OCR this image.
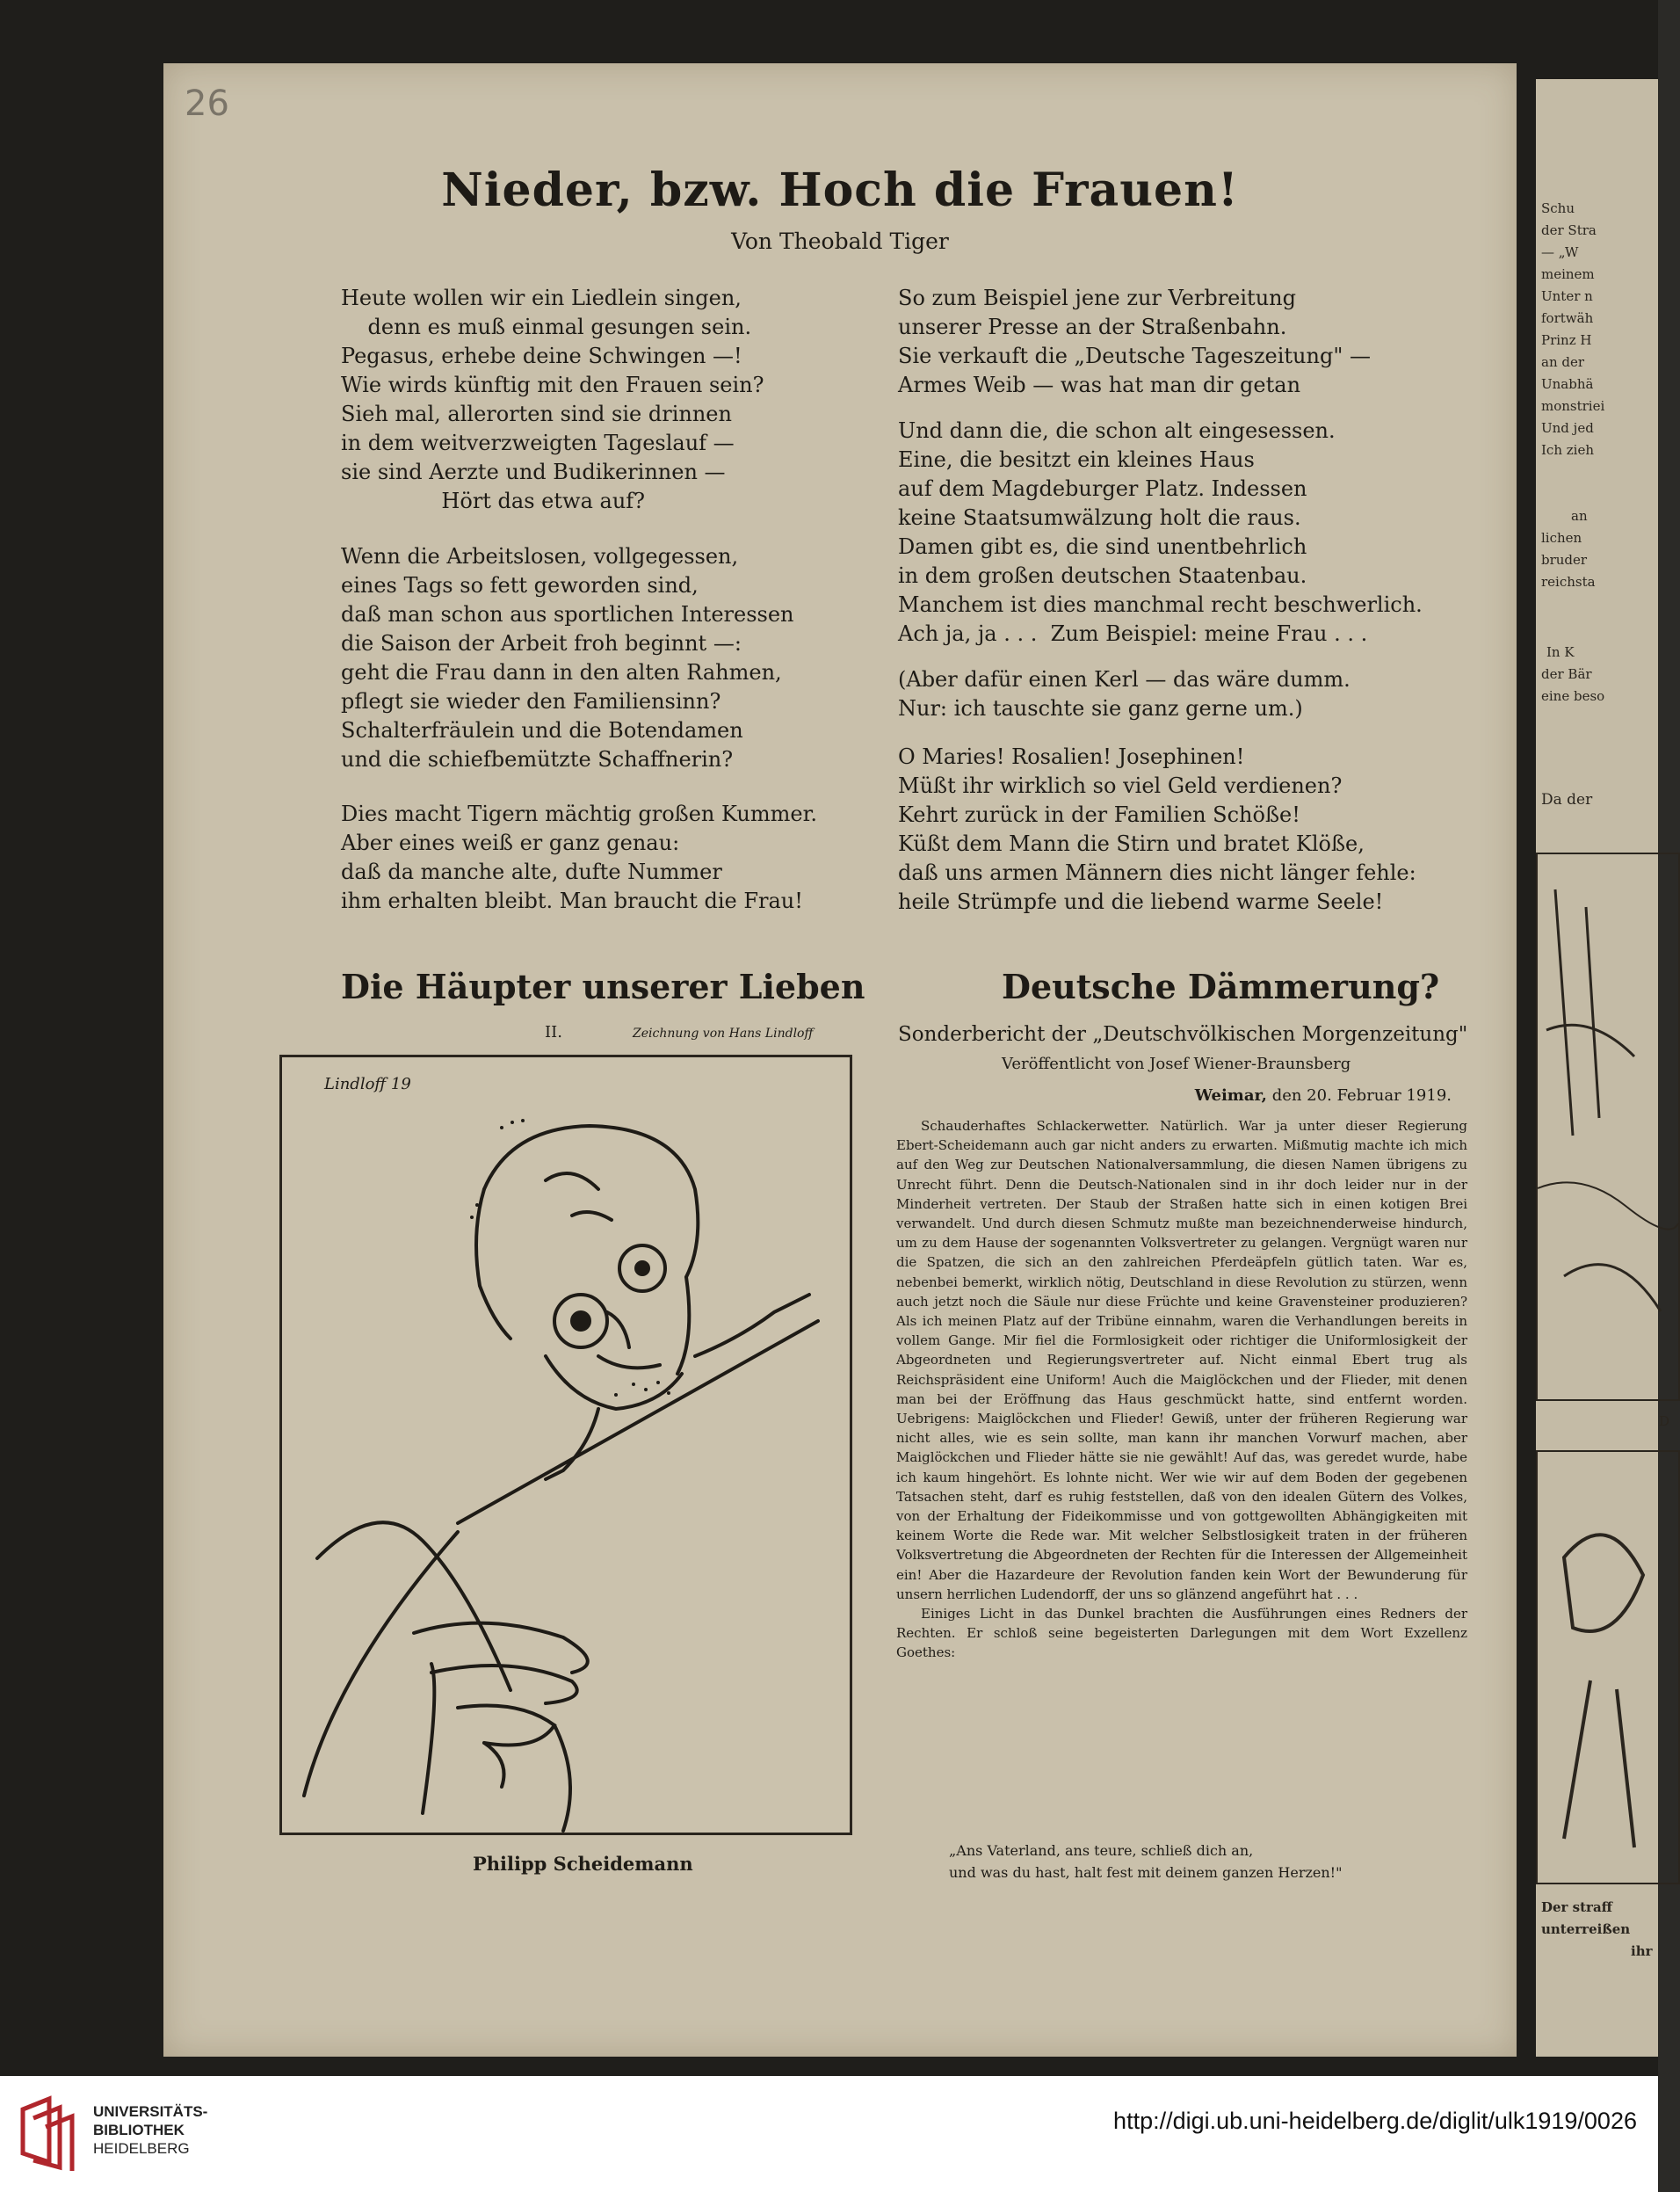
Schu
der Stra
— „W
meinem
Unter n
fortwäh
Prinz H
an der
Unabhä
monstriei
Und jed
Ich zieh
an
lichen
bruder
reichsta
In K
der Bär
eine beso
Da der
D
Der straff
unterreißen
ihr
26
Nieder, bzw. Hoch die Frauen!
Von Theobald Tiger
Heute wollen wir ein Liedlein singen,
denn es muß einmal gesungen sein.
Pegasus, erhebe deine Schwingen —!
Wie wirds künftig mit den Frauen sein?
Sieh mal, allerorten sind sie drinnen
in dem weitverzweigten Tageslauf —
sie sind Aerzte und Budikerinnen —
Hört das etwa auf?
Wenn die Arbeitslosen, vollgegessen,
eines Tags so fett geworden sind,
daß man schon aus sportlichen Interessen
die Saison der Arbeit froh beginnt —:
geht die Frau dann in den alten Rahmen,
pflegt sie wieder den Familiensinn?
Schalterfräulein und die Botendamen
und die schiefbemützte Schaffnerin?
Dies macht Tigern mächtig großen Kummer.
Aber eines weiß er ganz genau:
daß da manche alte, dufte Nummer
ihm erhalten bleibt. Man braucht die Frau!
So zum Beispiel jene zur Verbreitung
unserer Presse an der Straßenbahn.
Sie verkauft die „Deutsche Tageszeitung" —
Armes Weib — was hat man dir getan
Und dann die, die schon alt eingesessen.
Eine, die besitzt ein kleines Haus
auf dem Magdeburger Platz. Indessen
keine Staatsumwälzung holt die raus.
Damen gibt es, die sind unentbehrlich
in dem großen deutschen Staatenbau.
Manchem ist dies manchmal recht beschwerlich.
Ach ja, ja . . .  Zum Beispiel: meine Frau . . .
(Aber dafür einen Kerl — das wäre dumm.
Nur: ich tauschte sie ganz gerne um.)
O Maries! Rosalien! Josephinen!
Müßt ihr wirklich so viel Geld verdienen?
Kehrt zurück in der Familien Schöße!
Küßt dem Mann die Stirn und bratet Klöße,
daß uns armen Männern dies nicht länger fehle:
heile Strümpfe und die liebend warme Seele!
Die Häupter unserer Lieben
II.	Zeichnung von Hans Lindloff
Lindloff 19
Philipp Scheidemann
Deutsche Dämmerung?
Sonderbericht der „Deutschvölkischen Morgenzeitung"
Veröffentlicht von Josef Wiener-Braunsberg
Weimar, den 20. Februar 1919.

Schauderhaftes Schlackerwetter. Natürlich. War ja unter dieser Regierung Ebert-Scheidemann auch gar nicht anders zu erwarten. Mißmutig machte ich mich auf den Weg zur Deutschen Nationalversammlung, die diesen Namen übrigens zu Unrecht führt. Denn die Deutsch-Nationalen sind in ihr doch leider nur in der Minderheit vertreten. Der Staub der Straßen hatte sich in einen kotigen Brei verwandelt. Und durch diesen Schmutz mußte man bezeichnenderweise hindurch, um zu dem Hause der sogenannten Volksvertreter zu gelangen. Vergnügt waren nur die Spatzen, die sich an den zahlreichen Pferdeäpfeln gütlich taten. War es, nebenbei bemerkt, wirklich nötig, Deutschland in diese Revolution zu stürzen, wenn auch jetzt noch die Säule nur diese Früchte und keine Gravensteiner produzieren? Als ich meinen Platz auf der Tribüne einnahm, waren die Verhandlungen bereits in vollem Gange. Mir fiel die Formlosigkeit oder richtiger die Uniformlosigkeit der Abgeordneten und Regierungsvertreter auf. Nicht einmal Ebert trug als Reichspräsident eine Uniform! Auch die Maiglöckchen und der Flieder, mit denen man bei der Eröffnung das Haus geschmückt hatte, sind entfernt worden. Uebrigens: Maiglöckchen und Flieder! Gewiß, unter der früheren Regierung war nicht alles, wie es sein sollte, man kann ihr manchen Vorwurf machen, aber Maiglöckchen und Flieder hätte sie nie gewählt! Auf das, was geredet wurde, habe ich kaum hingehört. Es lohnte nicht. Wer wie wir auf dem Boden der gegebenen Tatsachen steht, darf es ruhig feststellen, daß von den idealen Gütern des Volkes, von der Erhaltung der Fideikommisse und von gottgewollten Abhängigkeiten mit keinem Worte die Rede war. Mit welcher Selbstlosigkeit traten in der früheren Volksvertretung die Abgeordneten der Rechten für die Interessen der Allgemeinheit ein! Aber die Hazardeure der Revolution fanden kein Wort der Bewunderung für unsern herrlichen Ludendorff, der uns so glänzend angeführt hat . . .

Einiges Licht in das Dunkel brachten die Ausführungen eines Redners der Rechten. Er schloß seine begeisterten Darlegungen mit dem Wort Exzellenz Goethes:

„Ans Vaterland, ans teure, schließ dich an,
und was du hast, halt fest mit deinem ganzen Herzen!"
UNIVERSITÄTS-
BIBLIOTHEK
HEIDELBERG
http://digi.ub.uni-heidelberg.de/diglit/ulk1919/0026
